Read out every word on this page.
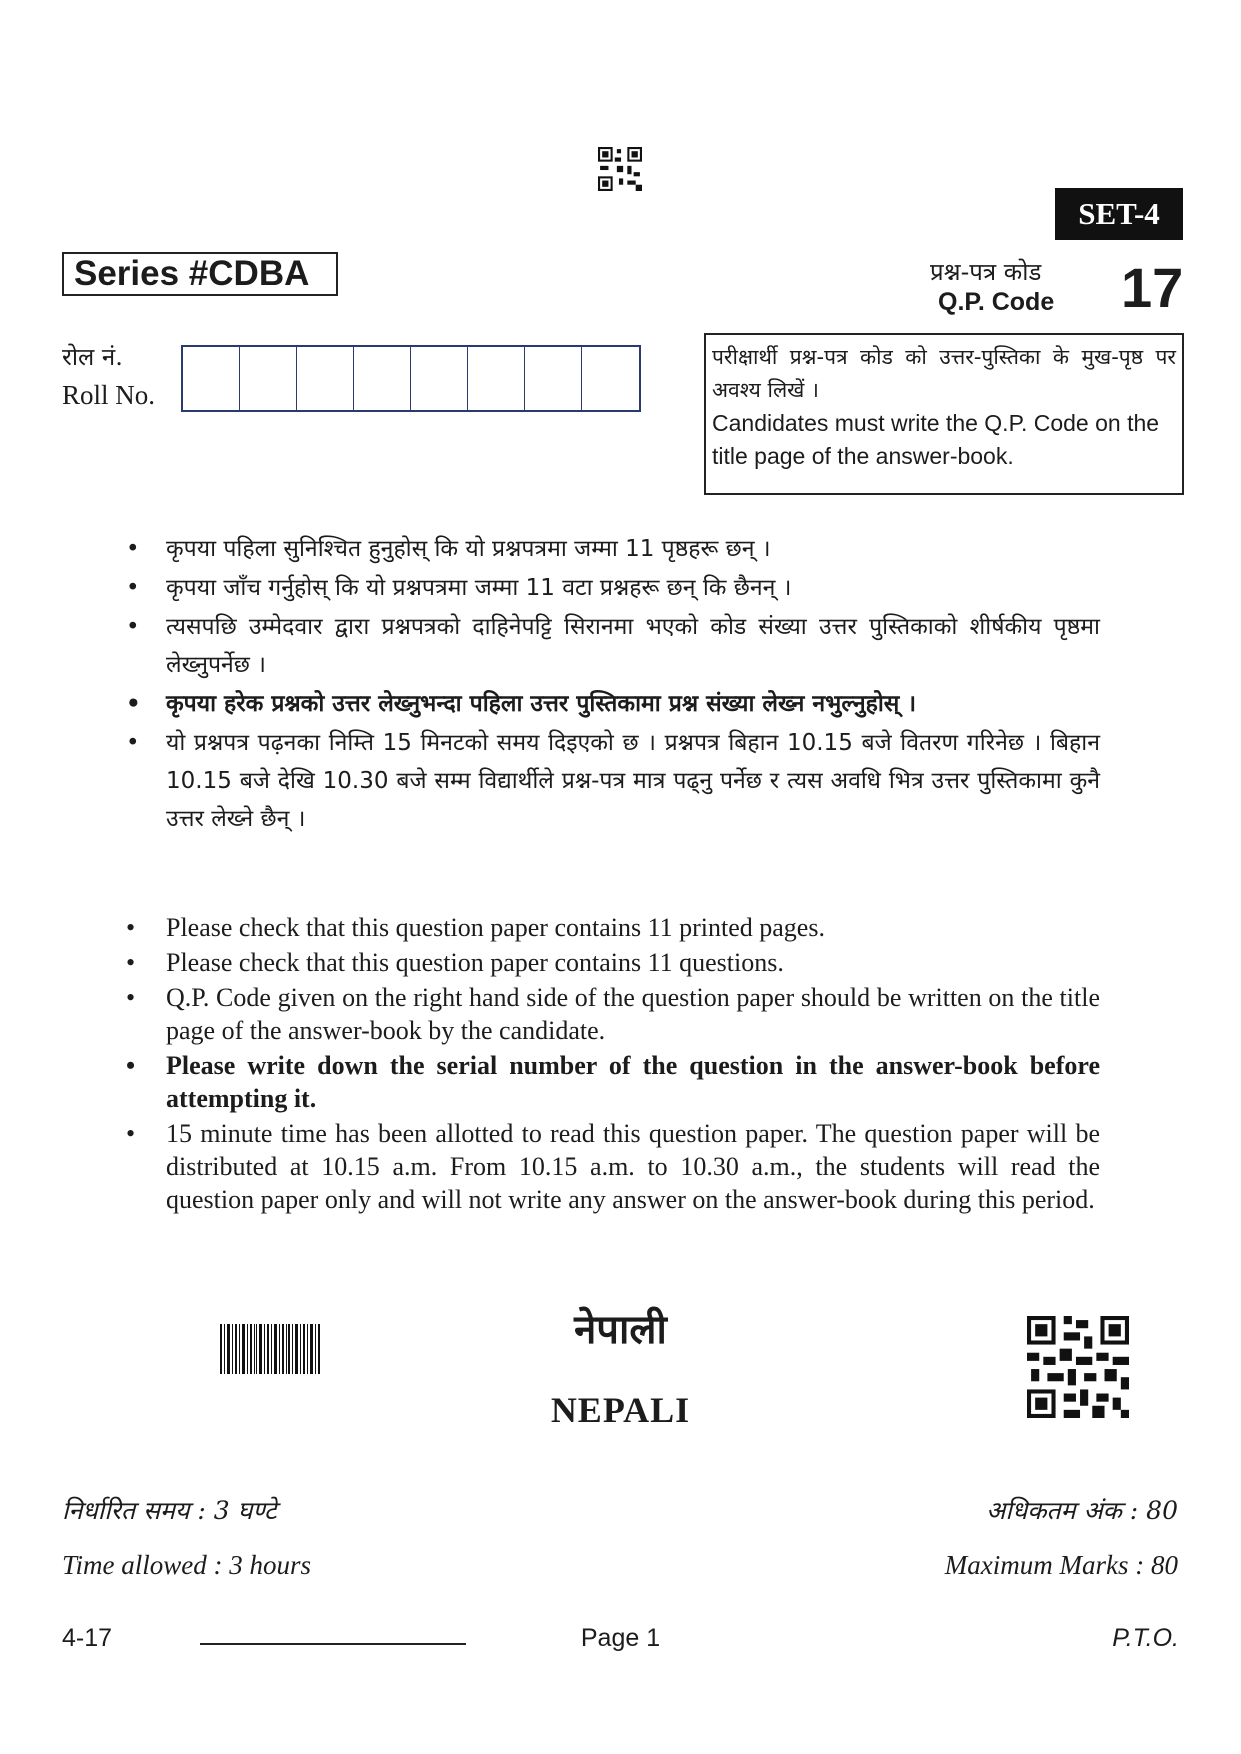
SET-4
Series #CDBA	प्रश्न-पत्र कोड
Q.P. Code 17
रोल नं.
Roll No.
परीक्षार्थी प्रश्न-पत्र कोड को उत्तर-पुस्तिका के मुख-पृष्ठ पर अवश्य लिखें ।
Candidates must write the Q.P. Code on the title page of the answer-book.
• कृपया पहिला सुनिश्चित हुनुहोस् कि यो प्रश्नपत्रमा जम्मा 11 पृष्ठहरू छन् ।
• कृपया जाँच गर्नुहोस् कि यो प्रश्नपत्रमा जम्मा 11 वटा प्रश्नहरू छन् कि छैनन् ।
• त्यसपछि उम्मेदवार द्वारा प्रश्नपत्रको दाहिनेपट्टि सिरानमा भएको कोड संख्या उत्तर पुस्तिकाको शीर्षकीय पृष्ठमा लेख्नुपर्नेछ ।
• कृपया हरेक प्रश्नको उत्तर लेख्नुभन्दा पहिला उत्तर पुस्तिकामा प्रश्न संख्या लेख्न नभुल्नुहोस् ।
• यो प्रश्नपत्र पढ़नका निम्ति 15 मिनटको समय दिइएको छ । प्रश्नपत्र बिहान 10.15 बजे वितरण गरिनेछ । बिहान 10.15 बजे देखि 10.30 बजे सम्म विद्यार्थीले प्रश्न-पत्र मात्र पढ्नु पर्नेछ र त्यस अवधि भित्र उत्तर पुस्तिकामा कुनै उत्तर लेख्ने छैन् ।
• Please check that this question paper contains 11 printed pages.
• Please check that this question paper contains 11 questions.
• Q.P. Code given on the right hand side of the question paper should be written on the title page of the answer-book by the candidate.
• Please write down the serial number of the question in the answer-book before attempting it.
• 15 minute time has been allotted to read this question paper. The question paper will be distributed at 10.15 a.m. From 10.15 a.m. to 10.30 a.m., the students will read the question paper only and will not write any answer on the answer-book during this period.
नेपाली
NEPALI
निर्धारित समय : 3 घण्टे
Time allowed : 3 hours
अधिकतम अंक : 80
Maximum Marks : 80
4-17	Page 1	P.T.O.
